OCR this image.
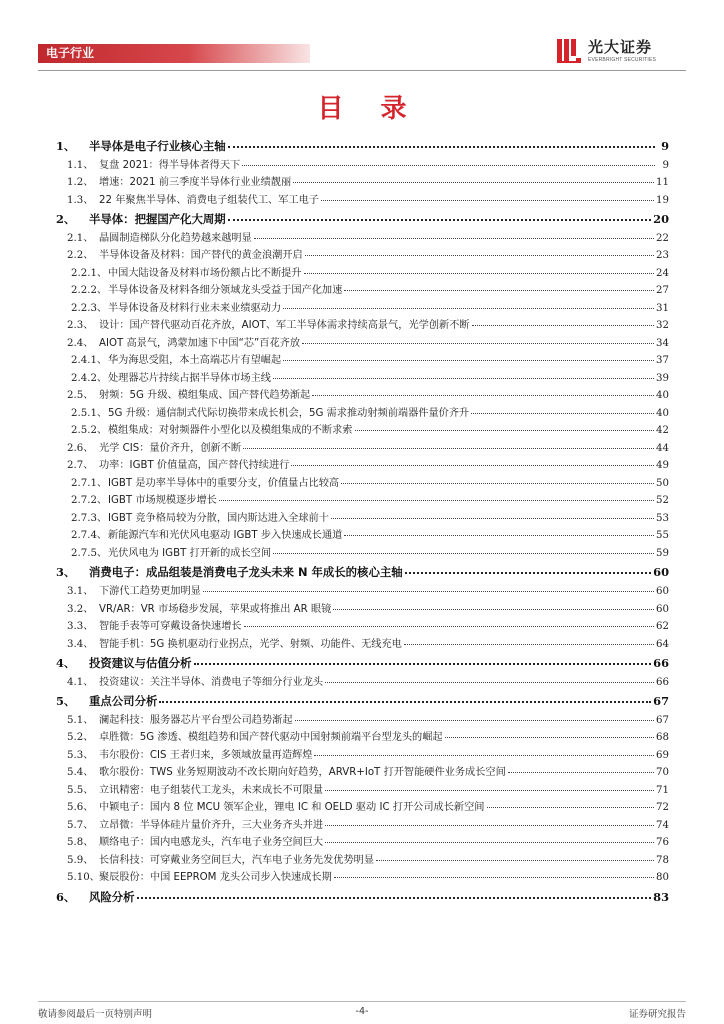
电子行业	光大证券
EVERBRIGHT SECURITIES
目 录
1、	半导体是电子行业核心主轴	9
1.1、 复盘 2021：得半导体者得天下	9
1.2、 增速：2021 前三季度半导体行业业绩靓丽	11
1.3、 22 年聚焦半导体、消费电子组装代工、军工电子	19
2、	半导体：把握国产化大周期	20
2.1、 晶圆制造梯队分化趋势越来越明显	22
2.2、 半导体设备及材料：国产替代的黄金浪潮开启	23
2.2.1、 中国大陆设备及材料市场份额占比不断提升	24
2.2.2、 半导体设备及材料各细分领域龙头受益于国产化加速	27
2.2.3、 半导体设备及材料行业未来业绩驱动力	31
2.3、 设计：国产替代驱动百花齐放，AIOT、军工半导体需求持续高景气，光学创新不断	32
2.4、 AIOT 高景气，鸿蒙加速下中国“芯”百花齐放	34
2.4.1、 华为海思受阻，本土高端芯片有望崛起	37
2.4.2、 处理器芯片持续占据半导体市场主线	39
2.5、 射频：5G 升级、模组集成、国产替代趋势渐起	40
2.5.1、 5G 升级：通信制式代际切换带来成长机会，5G 需求推动射频前端器件量价齐升	40
2.5.2、 模组集成：对射频器件小型化以及模组集成的不断求索	42
2.6、 光学 CIS：量价齐升，创新不断	44
2.7、 功率：IGBT 价值量高，国产替代持续进行	49
2.7.1、 IGBT 是功率半导体中的重要分支，价值量占比较高	50
2.7.2、 IGBT 市场规模逐步增长	52
2.7.3、 IGBT 竞争格局较为分散，国内斯达进入全球前十	53
2.7.4、 新能源汽车和光伏风电驱动 IGBT 步入快速成长通道	55
2.7.5、 光伏风电为 IGBT 打开新的成长空间	59
3、	消费电子：成品组装是消费电子龙头未来 N 年成长的核心主轴	60
3.1、 下游代工趋势更加明显	60
3.2、 VR/AR：VR 市场稳步发展，苹果或将推出 AR 眼镜	60
3.3、 智能手表等可穿戴设备快速增长	62
3.4、 智能手机：5G 换机驱动行业拐点，光学、射频、功能件、无线充电	64
4、	投资建议与估值分析	66
4.1、 投资建议：关注半导体、消费电子等细分行业龙头	66
5、	重点公司分析	67
5.1、 澜起科技：服务器芯片平台型公司趋势渐起	67
5.2、 卓胜微：5G 渗透、模组趋势和国产替代驱动中国射频前端平台型龙头的崛起	68
5.3、 韦尔股份：CIS 王者归来，多领域放量再造辉煌	69
5.4、 歌尔股份：TWS 业务短期波动不改长期向好趋势，ARVR+IoT 打开智能硬件业务成长空间	70
5.5、 立讯精密：电子组装代工龙头，未来成长不可限量	71
5.6、 中颖电子：国内 8 位 MCU 领军企业，锂电 IC 和 OELD 驱动 IC 打开公司成长新空间	72
5.7、 立昂微：半导体硅片量价齐升，三大业务齐头并进	74
5.8、 顺络电子：国内电感龙头，汽车电子业务空间巨大	76
5.9、 长信科技：可穿戴业务空间巨大，汽车电子业务先发优势明显	78
5.10、 聚辰股份：中国 EEPROM 龙头公司步入快速成长期	80
6、	风险分析	83
敬请参阅最后一页特别声明	-4-	证券研究报告
